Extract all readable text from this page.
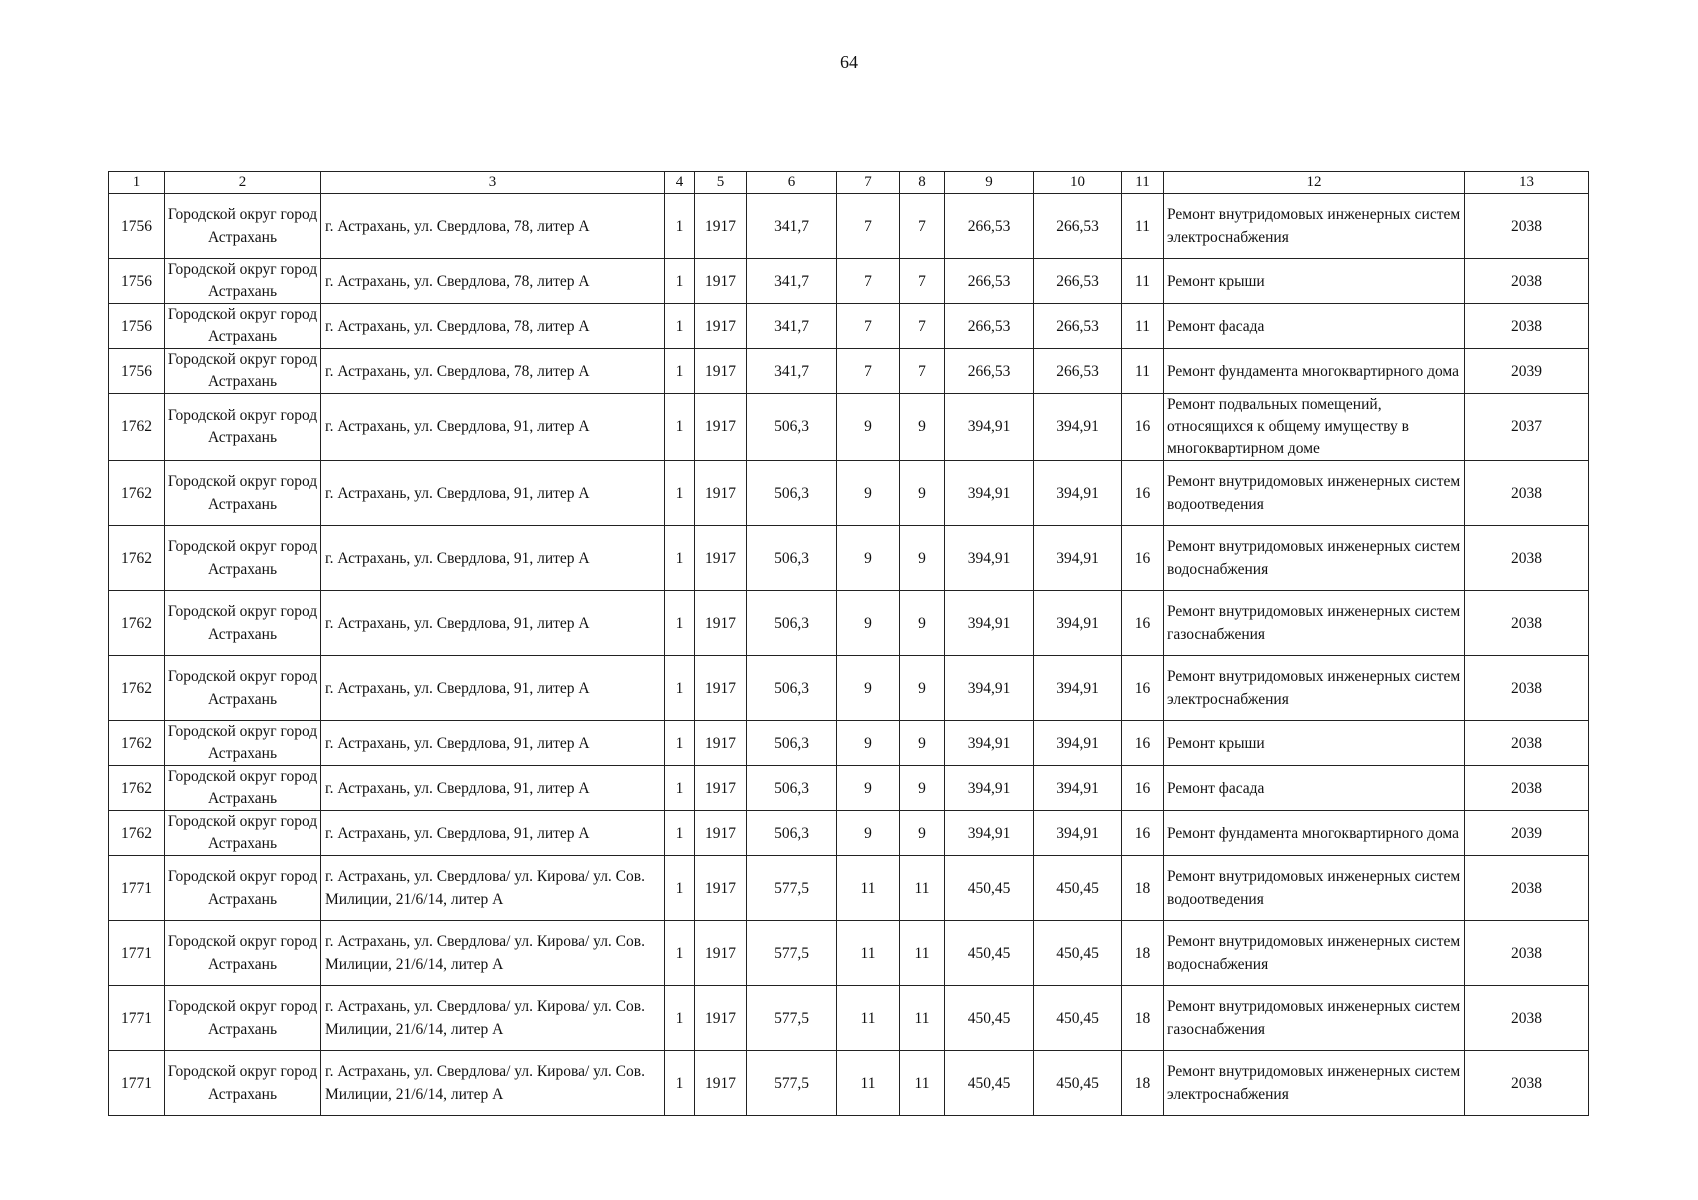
64
1	2	3	4	5	6	7	8	9	10	11	12	13
1756	Городской округ город Астрахань	г. Астрахань, ул. Свердлова, 78, литер А	1	1917	341,7	7	7	266,53	266,53	11	Ремонт внутридомовых инженерных систем электроснабжения	2038
1756	Городской округ город Астрахань	г. Астрахань, ул. Свердлова, 78, литер А	1	1917	341,7	7	7	266,53	266,53	11	Ремонт крыши	2038
1756	Городской округ город Астрахань	г. Астрахань, ул. Свердлова, 78, литер А	1	1917	341,7	7	7	266,53	266,53	11	Ремонт фасада	2038
1756	Городской округ город Астрахань	г. Астрахань, ул. Свердлова, 78, литер А	1	1917	341,7	7	7	266,53	266,53	11	Ремонт фундамента многоквартирного дома	2039
1762	Городской округ город Астрахань	г. Астрахань, ул. Свердлова, 91, литер А	1	1917	506,3	9	9	394,91	394,91	16	Ремонт подвальных помещений, относящихся к общему имуществу в многоквартирном доме	2037
1762	Городской округ город Астрахань	г. Астрахань, ул. Свердлова, 91, литер А	1	1917	506,3	9	9	394,91	394,91	16	Ремонт внутридомовых инженерных систем водоотведения	2038
1762	Городской округ город Астрахань	г. Астрахань, ул. Свердлова, 91, литер А	1	1917	506,3	9	9	394,91	394,91	16	Ремонт внутридомовых инженерных систем водоснабжения	2038
1762	Городской округ город Астрахань	г. Астрахань, ул. Свердлова, 91, литер А	1	1917	506,3	9	9	394,91	394,91	16	Ремонт внутридомовых инженерных систем газоснабжения	2038
1762	Городской округ город Астрахань	г. Астрахань, ул. Свердлова, 91, литер А	1	1917	506,3	9	9	394,91	394,91	16	Ремонт внутридомовых инженерных систем электроснабжения	2038
1762	Городской округ город Астрахань	г. Астрахань, ул. Свердлова, 91, литер А	1	1917	506,3	9	9	394,91	394,91	16	Ремонт крыши	2038
1762	Городской округ город Астрахань	г. Астрахань, ул. Свердлова, 91, литер А	1	1917	506,3	9	9	394,91	394,91	16	Ремонт фасада	2038
1762	Городской округ город Астрахань	г. Астрахань, ул. Свердлова, 91, литер А	1	1917	506,3	9	9	394,91	394,91	16	Ремонт фундамента многоквартирного дома	2039
1771	Городской округ город Астрахань	г. Астрахань, ул. Свердлова/ ул. Кирова/ ул. Сов. Милиции, 21/6/14, литер А	1	1917	577,5	11	11	450,45	450,45	18	Ремонт внутридомовых инженерных систем водоотведения	2038
1771	Городской округ город Астрахань	г. Астрахань, ул. Свердлова/ ул. Кирова/ ул. Сов. Милиции, 21/6/14, литер А	1	1917	577,5	11	11	450,45	450,45	18	Ремонт внутридомовых инженерных систем водоснабжения	2038
1771	Городской округ город Астрахань	г. Астрахань, ул. Свердлова/ ул. Кирова/ ул. Сов. Милиции, 21/6/14, литер А	1	1917	577,5	11	11	450,45	450,45	18	Ремонт внутридомовых инженерных систем газоснабжения	2038
1771	Городской округ город Астрахань	г. Астрахань, ул. Свердлова/ ул. Кирова/ ул. Сов. Милиции, 21/6/14, литер А	1	1917	577,5	11	11	450,45	450,45	18	Ремонт внутридомовых инженерных систем электроснабжения	2038
